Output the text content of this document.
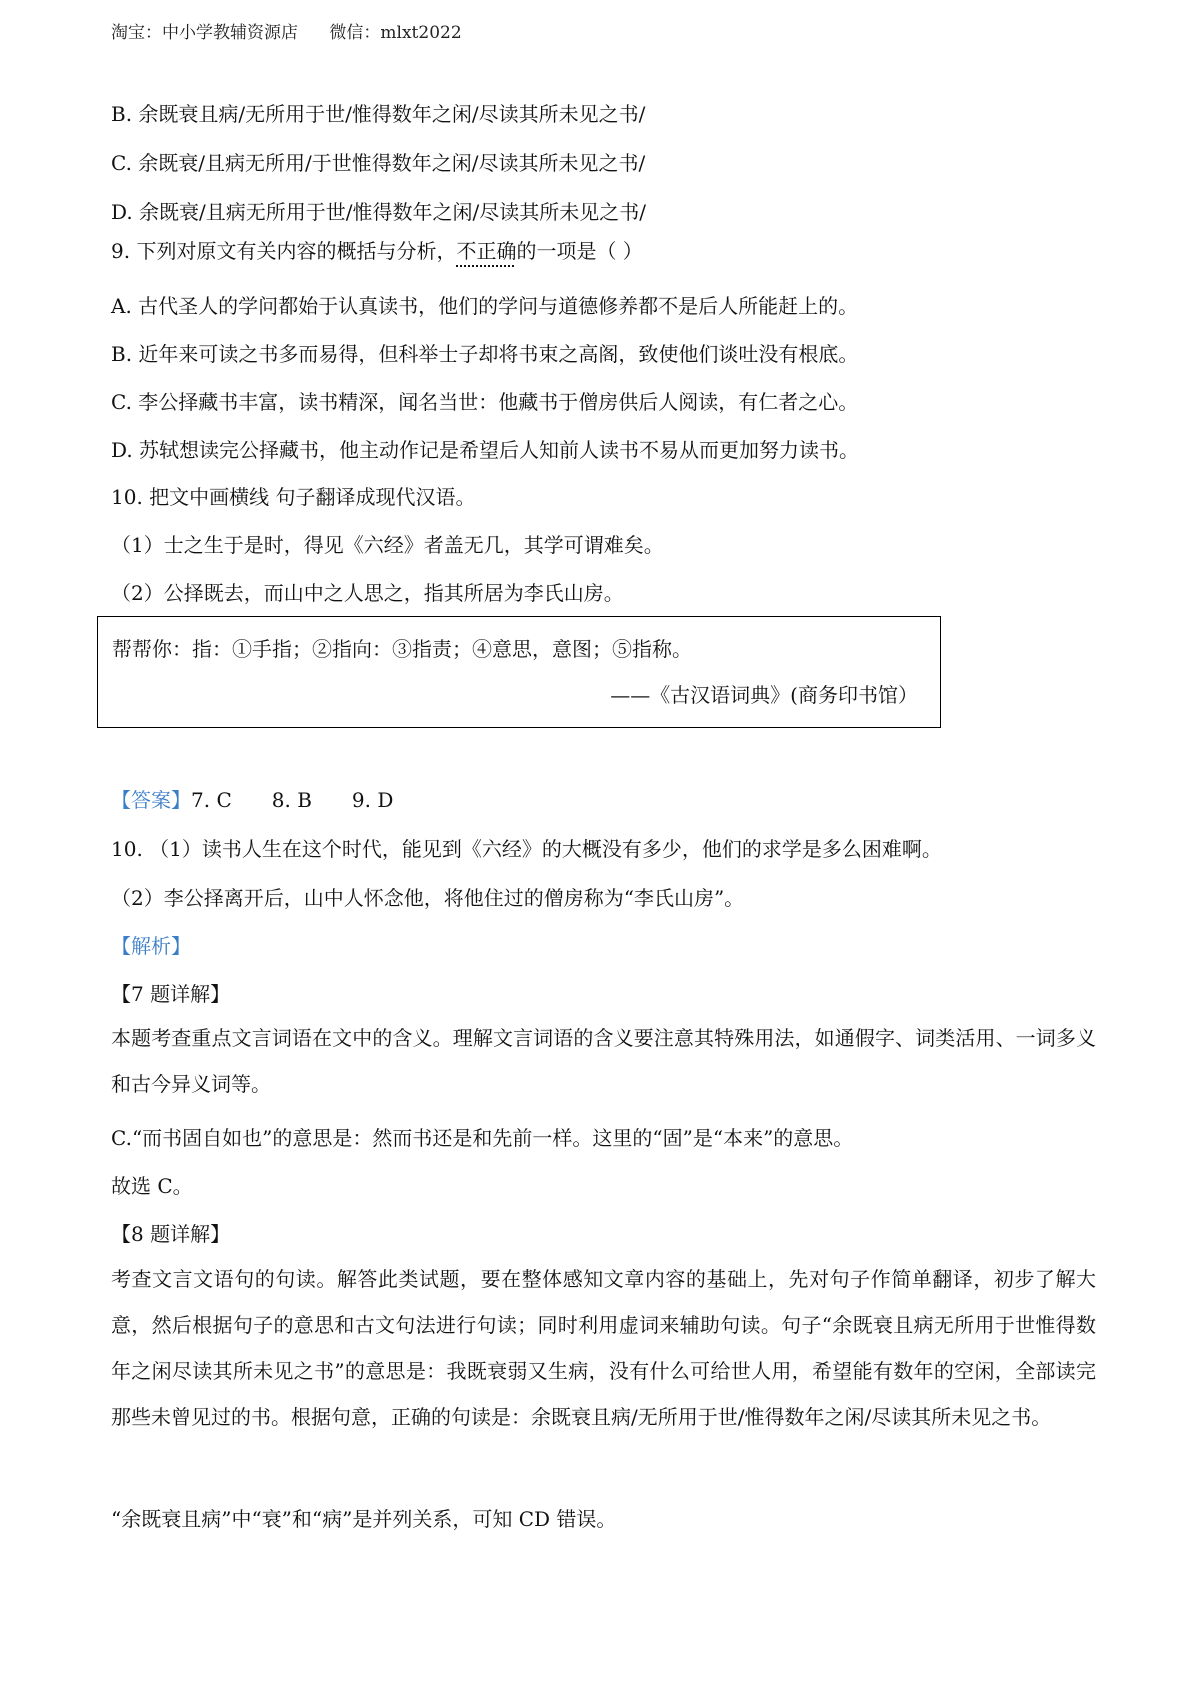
淘宝：中小学教辅资源店 微信：mlxt2022
B. 余既衰且病/无所用于世/惟得数年之闲/尽读其所未见之书/
C. 余既衰/且病无所用/于世惟得数年之闲/尽读其所未见之书/
D. 余既衰/且病无所用于世/惟得数年之闲/尽读其所未见之书/
9. 下列对原文有关内容的概括与分析，不正确的一项是（ ）
A. 古代圣人的学问都始于认真读书，他们的学问与道德修养都不是后人所能赶上的。
B. 近年来可读之书多而易得，但科举士子却将书束之高阁，致使他们谈吐没有根底。
C. 李公择藏书丰富，读书精深，闻名当世：他藏书于僧房供后人阅读，有仁者之心。
D. 苏轼想读完公择藏书，他主动作记是希望后人知前人读书不易从而更加努力读书。
10. 把文中画横线 句子翻译成现代汉语。
（1）士之生于是时，得见《六经》者盖无几，其学可谓难矣。
（2）公择既去，而山中之人思之，指其所居为李氏山房。
帮帮你：指：①手指；②指向：③指责；④意思，意图；⑤指称。
——《古汉语词典》(商务印书馆）
【答案】7. C 8. B 9. D
10. （1）读书人生在这个时代，能见到《六经》的大概没有多少，他们的求学是多么困难啊。
（2）李公择离开后，山中人怀念他，将他住过的僧房称为“李氏山房”。
【解析】
【7 题详解】
本题考查重点文言词语在文中的含义。理解文言词语的含义要注意其特殊用法，如通假字、词类活用、一词多义和古今异义词等。
C.“而书固自如也”的意思是：然而书还是和先前一样。这里的“固”是“本来”的意思。
故选 C。
【8 题详解】
考查文言文语句的句读。解答此类试题，要在整体感知文章内容的基础上，先对句子作简单翻译，初步了解大意，然后根据句子的意思和古文句法进行句读；同时利用虚词来辅助句读。句子“余既衰且病无所用于世惟得数年之闲尽读其所未见之书”的意思是：我既衰弱又生病，没有什么可给世人用，希望能有数年的空闲，全部读完那些未曾见过的书。根据句意，正确的句读是：余既衰且病/无所用于世/惟得数年之闲/尽读其所未见之书。
“余既衰且病”中“衰”和“病”是并列关系，可知 CD 错误。
